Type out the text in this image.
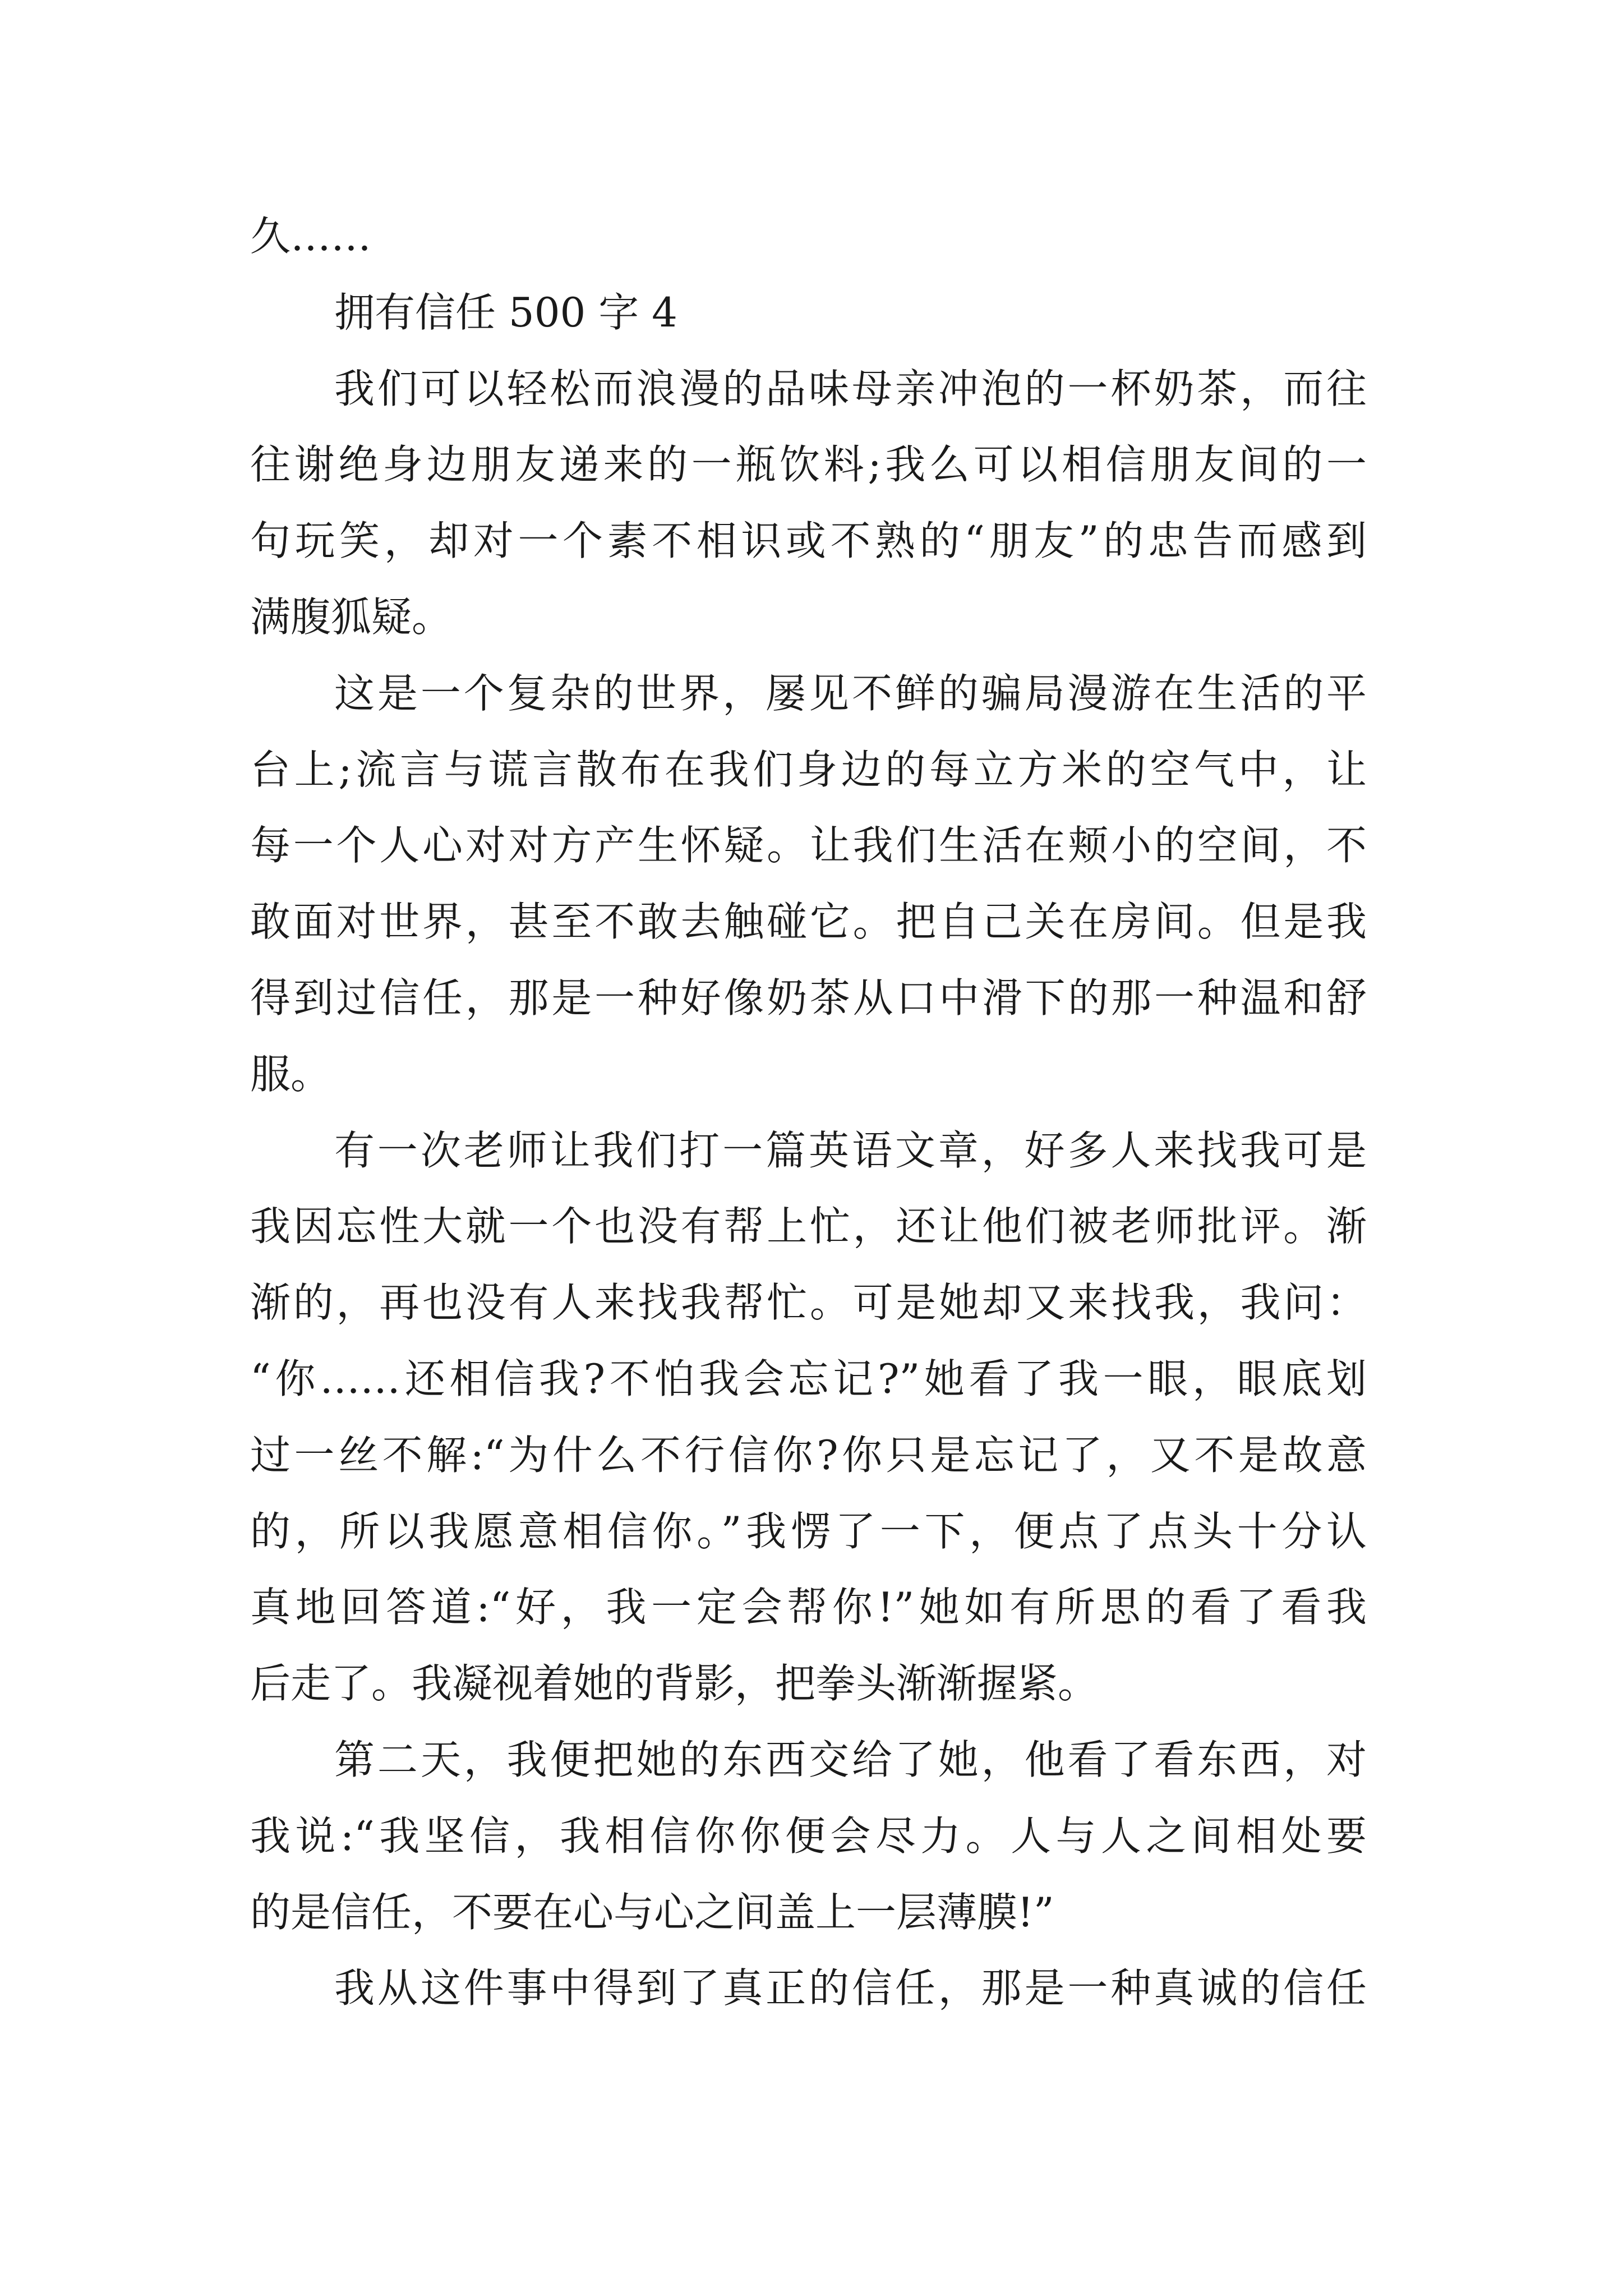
久……
拥有信任 500 字 4
我们可以轻松而浪漫的品味母亲冲泡的一杯奶茶，而往
往谢绝身边朋友递来的一瓶饮料;我么可以相信朋友间的一
句玩笑，却对一个素不相识或不熟的“朋友”的忠告而感到
满腹狐疑。
这是一个复杂的世界，屡见不鲜的骗局漫游在生活的平
台上;流言与谎言散布在我们身边的每立方米的空气中，让
每一个人心对对方产生怀疑。让我们生活在颊小的空间，不
敢面对世界，甚至不敢去触碰它。把自己关在房间。但是我
得到过信任，那是一种好像奶茶从口中滑下的那一种温和舒
服。
有一次老师让我们打一篇英语文章，好多人来找我可是
我因忘性大就一个也没有帮上忙，还让他们被老师批评。渐
渐的，再也没有人来找我帮忙。可是她却又来找我，我问：
“你……还相信我?不怕我会忘记?”她看了我一眼，眼底划
过一丝不解:“为什么不行信你?你只是忘记了，又不是故意
的，所以我愿意相信你。”我愣了一下，便点了点头十分认
真地回答道:“好，我一定会帮你!”她如有所思的看了看我
后走了。我凝视着她的背影，把拳头渐渐握紧。
第二天，我便把她的东西交给了她，他看了看东西，对
我说:“我坚信，我相信你你便会尽力。人与人之间相处要
的是信任，不要在心与心之间盖上一层薄膜!”
我从这件事中得到了真正的信任，那是一种真诚的信任
